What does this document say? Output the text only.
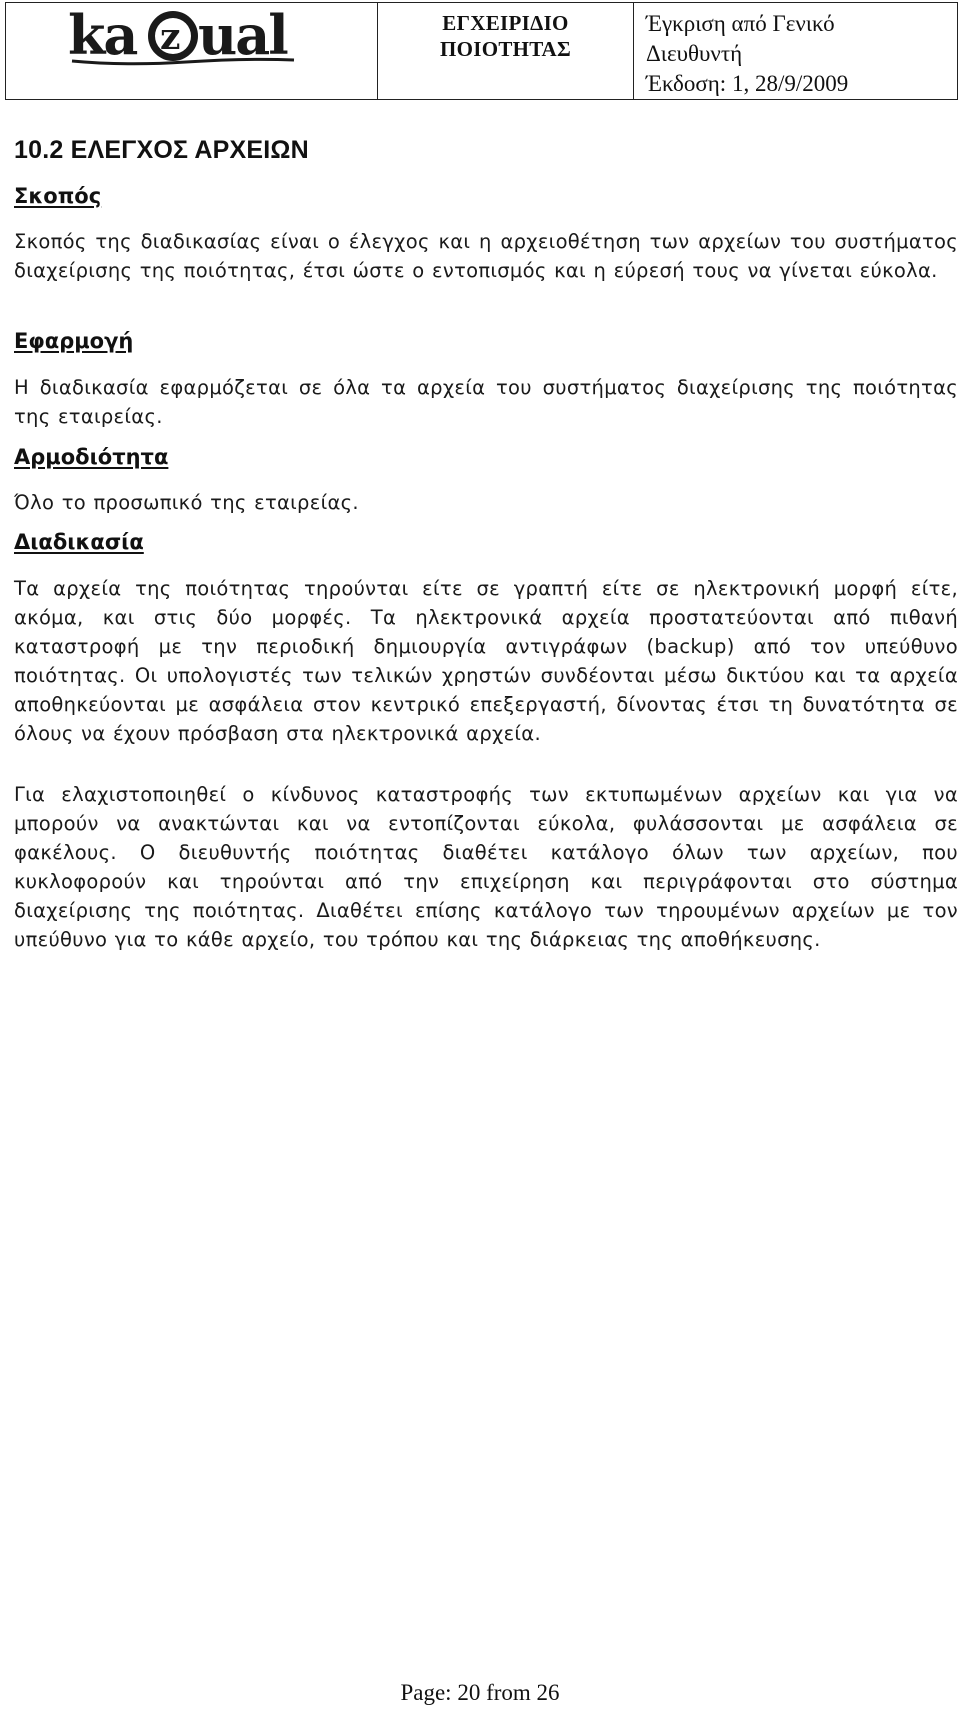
ka z ual	ΕΓΧΕΙΡΙΔΙΟ
ΠΟΙΟΤΗΤΑΣ

Έγκριση από Γενικό
Διευθυντή
Έκδοση: 1, 28/9/2009
10.2 ΕΛΕΓΧΟΣ ΑΡΧΕΙΩΝ
Σκοπός

Σκοπός της διαδικασίας είναι ο έλεγχος και η αρχειοθέτηση των αρχείων του συστήματος διαχείρισης της ποιότητας, έτσι ώστε ο εντοπισμός και η εύρεσή τους να γίνεται εύκολα.

Εφαρμογή

Η διαδικασία εφαρμόζεται σε όλα τα αρχεία του συστήματος διαχείρισης της ποιότητας της εταιρείας.

Αρμοδιότητα

Όλο το προσωπικό της εταιρείας.

Διαδικασία

Τα αρχεία της ποιότητας τηρούνται είτε σε γραπτή είτε σε ηλεκτρονική μορφή είτε, ακόμα, και στις δύο μορφές. Τα ηλεκτρονικά αρχεία προστατεύονται από πιθανή καταστροφή με την περιοδική δημιουργία αντιγράφων (backup) από τον υπεύθυνο ποιότητας. Οι υπολογιστές των τελικών χρηστών συνδέονται μέσω δικτύου και τα αρχεία αποθηκεύονται με ασφάλεια στον κεντρικό επεξεργαστή, δίνοντας έτσι τη δυνατότητα σε όλους να έχουν πρόσβαση στα ηλεκτρονικά αρχεία.

Για ελαχιστοποιηθεί ο κίνδυνος καταστροφής των εκτυπωμένων αρχείων και για να μπορούν να ανακτώνται και να εντοπίζονται εύκολα, φυλάσσονται με ασφάλεια σε φακέλους. Ο διευθυντής ποιότητας διαθέτει κατάλογο όλων των αρχείων, που κυκλοφορούν και τηρούνται από την επιχείρηση και περιγράφονται στο σύστημα διαχείρισης της ποιότητας. Διαθέτει επίσης κατάλογο των τηρουμένων αρχείων με τον υπεύθυνο για το κάθε αρχείο, του τρόπου και της διάρκειας της αποθήκευσης.

Page: 20 from 26
